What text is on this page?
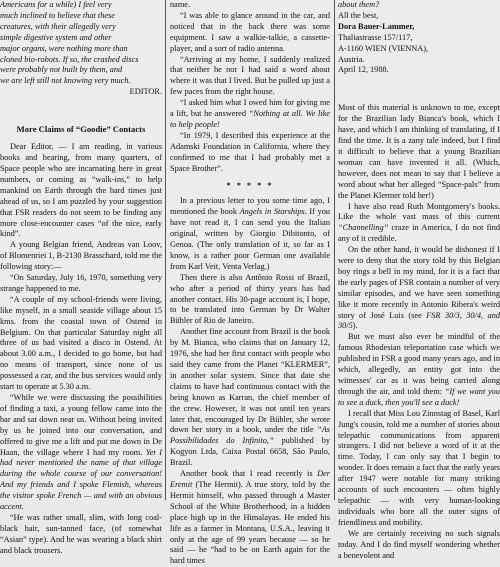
Americans for a while) I feel very

much inclined to believe that these

creatures, with their allegedly very

simple digestive system and other

major organs, were nothing more than

cloned bio-robots. If so, the crashed discs

were probably not built by them, and

we are left still not knowing very much.

EDITOR.

More Claims of “Goodie” Contacts

Dear Editor, — I am reading, in various books and hearing, from many quarters, of Space people who are incarnating here in great numbers, or coming as “walk-ins,” to help mankind on Earth through the hard times just ahead of us, so I am puzzled by your suggestion that FSR readers do not seem to be finding any more close-encounter cases “of the nice, early kind”.

A young Belgian friend, Andreas van Loov, of Blomenriei 1, B-2130 Brasschard, told me the following story:—

“On Saturday, July 16, 1970, something very strange happened to me.

“A couple of my school-friends were living, like myself, in a small seaside village about 15 kms. from the coastal town of Ostend in Belgium. On that particular Saturday night all three of us had visited a disco in Ostend. At about 3.00 a.m., I decided to go home, but had no means of transport, since none of us possessed a car, and the bus services would only start to operate at 5.30 a.m.

“While we were discussing the possibilities of finding a taxi, a young fellow came into the bar and sat down near us. Without being invited by us he joined into our conversation, and offered to give me a lift and put me down in De Haan, the village where I had my room. Yet I had never mentioned the name of that village during the whole course of our conversation! And my friends and I spoke Flemish, whereas the visitor spoke French — and with an obvious accent.

“He was rather small, slim, with long coal-black hair, sun-tanned face, (of somewhat “Asian” type). And he was wearing a black shirt and black trousers.

name.

“I was able to glance around in the car, and noticed that in the back there was some equipment. I saw a walkie-talkie, a cassette-player, and a sort of radio antenna.

“Arriving at my home, I suddenly realized that neither he nor I had said a word about where it was that I lived. But he pulled up just a few paces from the right house.

“I asked him what I owed him for giving me a lift, but he answered “Nothing at all. We like to help people!

“In 1979, I described this experience at the Adamski Foundation in California, where they confirmed to me that I had probably met a Space Brother”.

* * * * *

In a previous letter to you some time ago, I mentioned the book Angels in Starships. If you have not read it, I can send you the Italian original, written by Giorgio Dibitonto, of Genoa. (The only translation of it, so far as I know, is a rather poor German one available from Karl Veit, Venta Verlag.)

Then there is also Antônio Rossi of Brazil, who after a period of thirty years has had another contact. His 30-page account is, I hope, to be translated into German by Dr Walter Bühler of Rio de Janeiro.

Another fine account from Brazil is the book by M. Bianca, who claims that on January 12, 1976, she had her first contact with people who said they came from the Planet “KLERMER”, in another solar system. Since that date she claims to have had continuous contact with the being known as Karran, the chief member of the crew. However, it was not until ten years later that, encouraged by Dr Bühler, she wrote down her story in a book, under the title “As Possibilidades do Infinito,” published by Kogyon Ltda, Caixa Postal 6658, São Paulo, Brazil.

Another book that I read recently is Der Eremit (The Hermit). A true story, told by the Hermit himself, who passed through a Master School of the White Brotherhood, in a hidden place high up in the Himalayas. He ended his life as a farmer in Montana, U.S.A., leaving it only at the age of 99 years because — so he said — he “had to be on Earth again for the hard times

about them?

All the best,

Dora Bauer-Lammer,

Thaliastrasse 157/117,

A-1160 WIEN (VIENNA),

Austria.

April 12, 1988.

Most of this material is unknown to me, except for the Brazilian lady Bianca's book, which I have, and which I am thinking of translating, if I find the time. It is a zany tale indeed, but I find it difficult to believe that a young Brazilian woman can have invented it all. (Which, however, does not mean to say that I believe a word about what her alleged “Space-pals” from the Planet Klermer told her!)

I have also read Ruth Montgomery's books. Like the whole vast mass of this current “Channelling” craze in America, I do not find any of it credible.

On the other hand, it would be dishonest if I were to deny that the story told by this Belgian boy rings a bell in my mind, for it is a fact that the early pages of FSR contain a number of very similar episodes, and we have seen something like it more recently in Antonio Ribera's weird story of José Luis (see FSR 30/3, 30/4, and 30/5).

But we must also ever be mindful of the famous Rhodesian teleportation case which we published in FSR a good many years ago, and in which, allegedly, an entity got into the witnesses' car as it was being carried along through the air, and told them: “If we want you to see a duck, then you'll see a duck!

I recall that Miss Lou Zinnstag of Basel, Karl Jung's cousin, told me a number of stories about telepathic communications from apparent strangers. I did not believe a word of it at the time. Today, I can only say that I begin to wonder. It does remain a fact that the early years after 1947 were notable for many striking accounts of such encounters — often highly telepathic — with very human-looking individuals who bore all the outer signs of friendliness and mobility.

We are certainly receiving no such signals today. And I do find myself wondering whether a benevolent and
